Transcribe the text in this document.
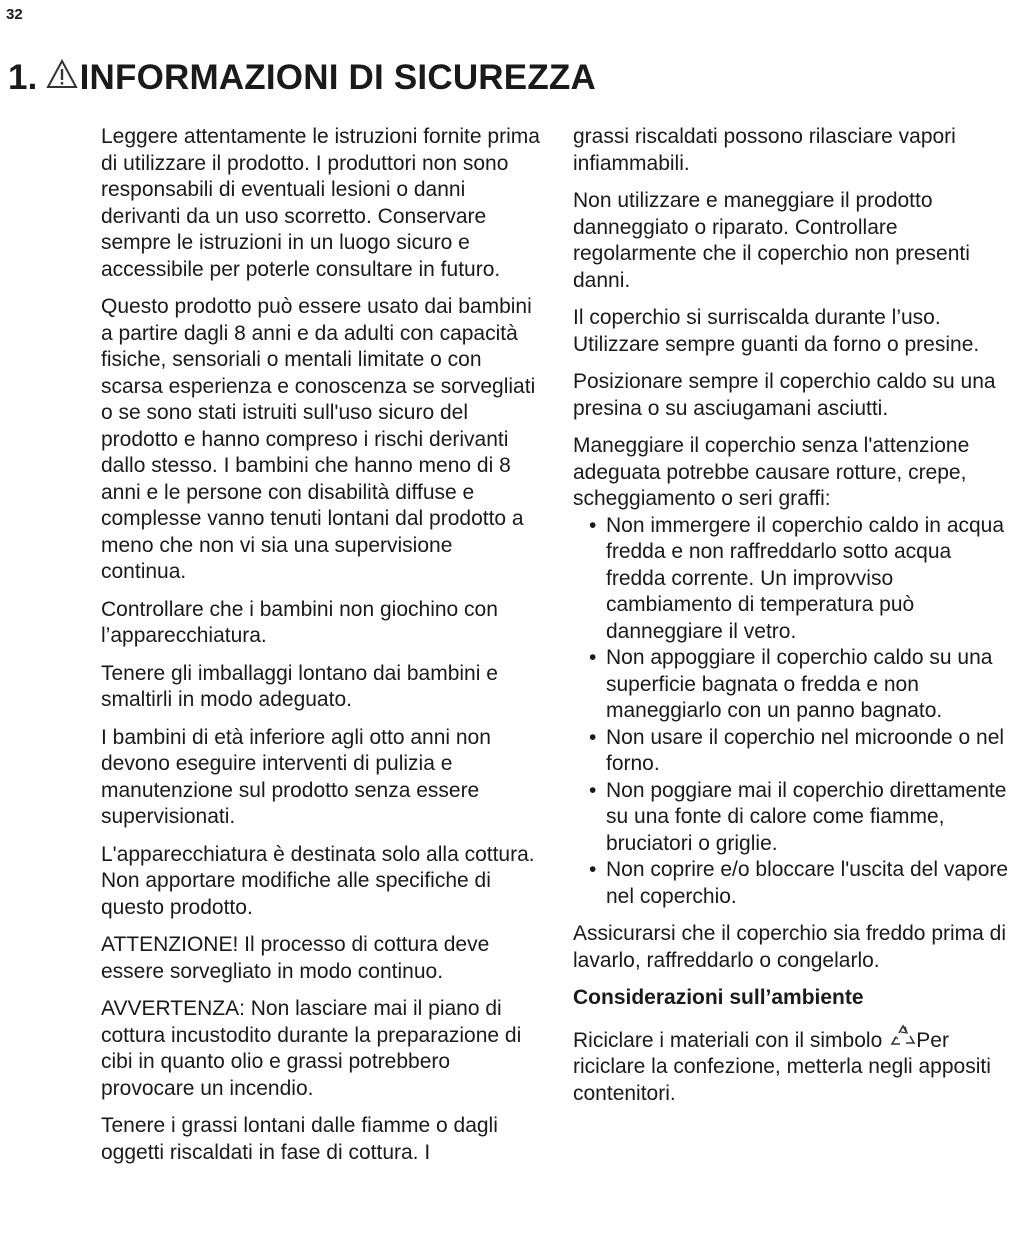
32
1. INFORMAZIONI DI SICUREZZA

Leggere attentamente le istruzioni fornite prima di utilizzare il prodotto. I produttori non sono responsabili di eventuali lesioni o danni derivanti da un uso scorretto. Conservare sempre le istruzioni in un luogo sicuro e accessibile per poterle consultare in futuro.

Questo prodotto può essere usato dai bambini a partire dagli 8 anni e da adulti con capacità fisiche, sensoriali o mentali limitate o con scarsa esperienza e conoscenza se sorvegliati o se sono stati istruiti sull'uso sicuro del prodotto e hanno compreso i rischi derivanti dallo stesso. I bambini che hanno meno di 8 anni e le persone con disabilità diffuse e complesse vanno tenuti lontani dal prodotto a meno che non vi sia una supervisione continua.

Controllare che i bambini non giochino con l’apparecchiatura.

Tenere gli imballaggi lontano dai bambini e smaltirli in modo adeguato.

I bambini di età inferiore agli otto anni non devono eseguire interventi di pulizia e manutenzione sul prodotto senza essere supervisionati.

L'apparecchiatura è destinata solo alla cottura. Non apportare modifiche alle specifiche di questo prodotto.

ATTENZIONE! Il processo di cottura deve essere sorvegliato in modo continuo.

AVVERTENZA: Non lasciare mai il piano di cottura incustodito durante la preparazione di cibi in quanto olio e grassi potrebbero provocare un incendio.

Tenere i grassi lontani dalle fiamme o dagli oggetti riscaldati in fase di cottura. I

grassi riscaldati possono rilasciare vapori infiammabili.

Non utilizzare e maneggiare il prodotto danneggiato o riparato. Controllare regolarmente che il coperchio non presenti danni.

Il coperchio si surriscalda durante l’uso. Utilizzare sempre guanti da forno o presine.

Posizionare sempre il coperchio caldo su una presina o su asciugamani asciutti.

Maneggiare il coperchio senza l'attenzione adeguata potrebbe causare rotture, crepe, scheggiamento o seri graffi:

• Non immergere il coperchio caldo in acqua fredda e non raffreddarlo sotto acqua fredda corrente. Un improvviso cambiamento di temperatura può danneggiare il vetro.
• Non appoggiare il coperchio caldo su una superficie bagnata o fredda e non maneggiarlo con un panno bagnato.
• Non usare il coperchio nel microonde o nel forno.
• Non poggiare mai il coperchio direttamente su una fonte di calore come fiamme, bruciatori o griglie.
• Non coprire e/o bloccare l'uscita del vapore nel coperchio.

Assicurarsi che il coperchio sia freddo prima di lavarlo, raffreddarlo o congelarlo.

Considerazioni sull’ambiente

Riciclare i materiali con il simbolo Per riciclare la confezione, metterla negli appositi contenitori.
